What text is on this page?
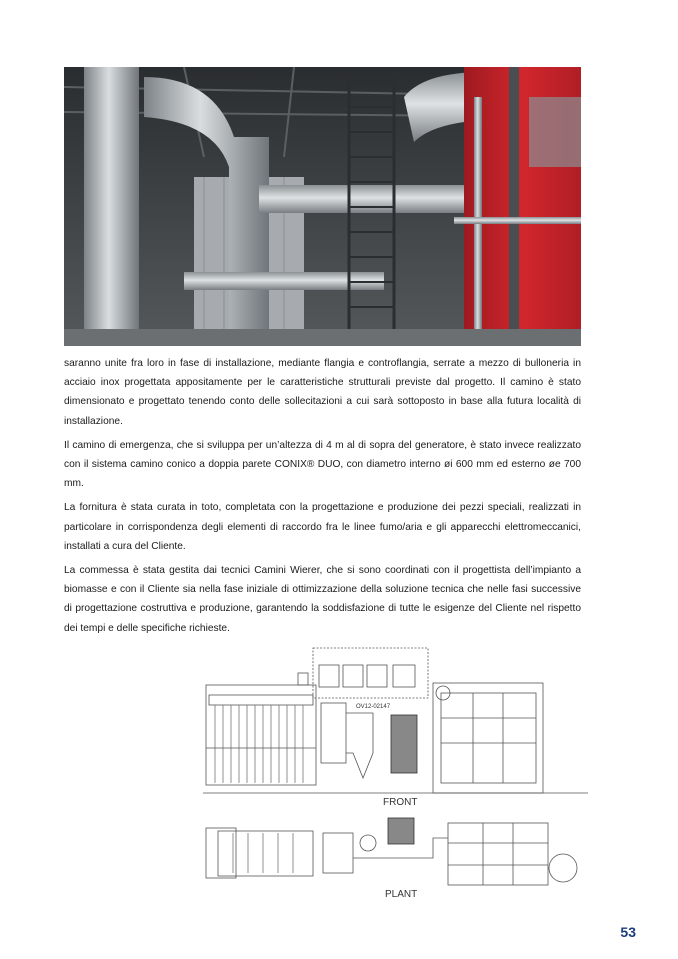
saranno unite fra loro in fase di installazione, mediante flangia e controflangia, serrate a mezzo di bulloneria in acciaio inox progettata appositamente per le caratteristiche strutturali previste dal progetto. Il camino è stato dimensionato e progettato tenendo conto delle sollecitazioni a cui sarà sottoposto in base alla futura località di installazione.

Il camino di emergenza, che si sviluppa per un’altezza di 4 m al di sopra del generatore, è stato invece realizzato con il sistema camino conico a doppia parete CONIX® DUO, con diametro interno øi 600 mm ed esterno øe 700 mm.

La fornitura è stata curata in toto, completata con la progettazione e produzione dei pezzi speciali, realizzati in particolare in corrispondenza degli elementi di raccordo fra le linee fumo/aria e gli apparecchi elettromeccanici, installati a cura del Cliente.

La commessa è stata gestita dai tecnici Camini Wierer, che si sono coordinati con il progettista dell’impianto a biomasse e con il Cliente sia nella fase iniziale di ottimizzazione della soluzione tecnica che nelle fasi successive di progettazione costruttiva e produzione, garantendo la soddisfazione di tutte le esigenze del Cliente nel rispetto dei tempi e delle specifiche richieste.

OV12-02147
FRONT
PLANT
53
